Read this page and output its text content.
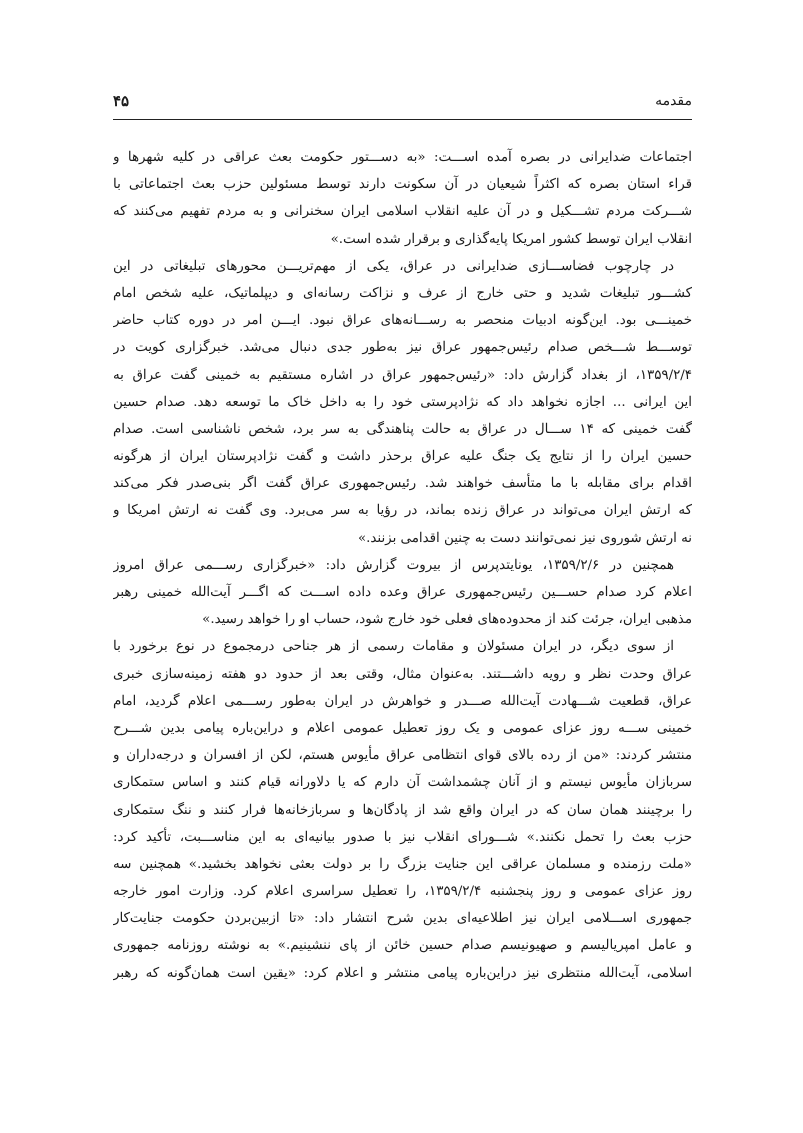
مقدمه
۴۵
اجتماعات ضدایرانی در بصره آمده اســـت: «به دســـتور حکومت بعث عراقی در کلیه شهرها و
قراء استان بصره که اکثراً شیعیان در آن سکونت دارند توسط مسئولین حزب بعث اجتماعاتی با
شـــرکت مردم تشـــکیل و در آن علیه انقلاب اسلامی ایران سخنرانی و به مردم تفهیم می‌کنند که
انقلاب ایران توسط کشور امریکا پایه‌گذاری و برقرار شده است.»
در چارچوب فضاســـازی ضدایرانی در عراق، یکی از مهم‌تریـــن محورهای تبلیغاتی در این
کشـــور تبلیغات شدید و حتی خارج از عرف و نزاکت رسانه‌ای و دیپلماتیک، علیه شخص امام
خمینـــی بود. این‌گونه ادبیات منحصر به رســـانه‌های عراق نبود. ایـــن امر در دوره کتاب حاضر
توســـط شـــخص صدام رئیس‌جمهور عراق نیز به‌طور جدی دنبال می‌شد. خبرگزاری کویت در
۱۳۵۹/۲/۴، از بغداد گزارش داد: «رئیس‌جمهور عراق در اشاره مستقیم به خمینی گفت عراق به
این ایرانی ... اجازه نخواهد داد که نژادپرستی خود را به داخل خاک ما توسعه دهد. صدام حسین
گفت خمینی که ۱۴ ســـال در عراق به حالت پناهندگی به سر برد، شخص ناشناسی است. صدام
حسین ایران را از نتایج یک جنگ علیه عراق برحذر داشت و گفت نژادپرستان ایران از هرگونه
اقدام برای مقابله با ما متأسف خواهند شد. رئیس‌جمهوری عراق گفت اگر بنی‌صدر فکر می‌کند
که ارتش ایران می‌تواند در عراق زنده بماند، در رؤیا به سر می‌برد. وی گفت نه ارتش امریکا و
نه ارتش شوروی نیز نمی‌توانند دست به چنین اقدامی بزنند.»
همچنین در ۱۳۵۹/۲/۶، یونایتدپرس از بیروت گزارش داد: «خبرگزاری رســـمی عراق امروز
اعلام کرد صدام حســـین رئیس‌جمهوری عراق وعده داده اســـت که اگـــر آیت‌الله خمینی رهبر
مذهبی ایران، جرئت کند از محدوده‌های فعلی خود خارج شود، حساب او را خواهد رسید.»
از سوی دیگر، در ایران مسئولان و مقامات رسمی از هر جناحی درمجموع در نوع برخورد با
عراق وحدت نظر و رویه داشـــتند. به‌عنوان مثال، وقتی بعد از حدود دو هفته زمینه‌سازی خبری
عراق، قطعیت شـــهادت آیت‌الله صـــدر و خواهرش در ایران به‌طور رســـمی اعلام گردید، امام
خمینی ســـه روز عزای عمومی و یک روز تعطیل عمومی اعلام و دراین‌باره پیامی بدین شـــرح
منتشر کردند: «من از رده بالای قوای انتظامی عراق مأیوس هستم، لکن از افسران و درجه‌داران و
سربازان مأیوس نیستم و از آنان چشمداشت آن دارم که یا دلاورانه قیام کنند و اساس ستمکاری
را برچینند همان سان که در ایران واقع شد از پادگان‌ها و سربازخانه‌ها فرار کنند و ننگ ستمکاری
حزب بعث را تحمل نکنند.» شـــورای انقلاب نیز با صدور بیانیه‌ای به این مناســـبت، تأکید کرد:
«ملت رزمنده و مسلمان عراقی این جنایت بزرگ را بر دولت بعثی نخواهد بخشید.» همچنین سه
روز عزای عمومی و روز پنجشنبه ۱۳۵۹/۲/۴، را تعطیل سراسری اعلام کرد. وزارت امور خارجه
جمهوری اســـلامی ایران نیز اطلاعیه‌ای بدین شرح انتشار داد: «تا ازبین‌بردن حکومت جنایت‌کار
و عامل امپریالیسم و صهیونیسم صدام حسین خائن از پای ننشینیم.» به نوشته روزنامه جمهوری
اسلامی، آیت‌الله منتظری نیز دراین‌باره پیامی منتشر و اعلام کرد: «یقین است همان‌گونه که رهبر
